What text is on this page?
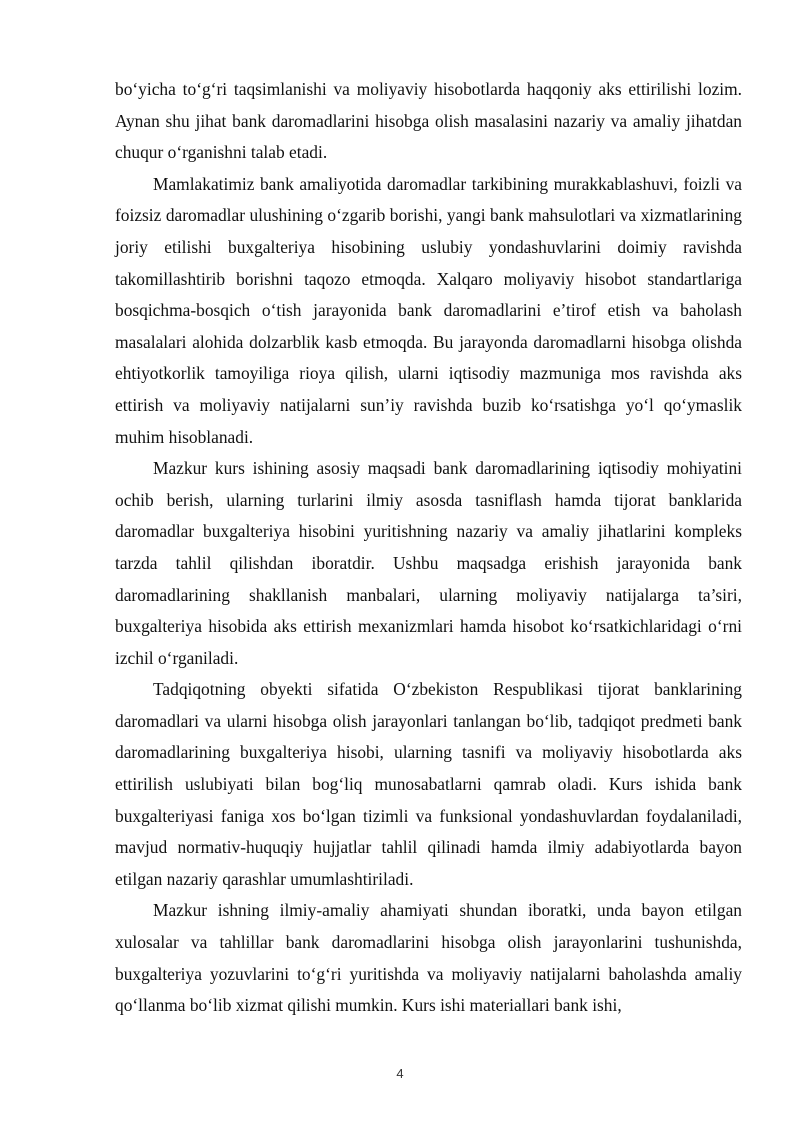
bo‘yicha to‘g‘ri taqsimlanishi va moliyaviy hisobotlarda haqqoniy aks ettirilishi lozim. Aynan shu jihat bank daromadlarini hisobga olish masalasini nazariy va amaliy jihatdan chuqur o‘rganishni talab etadi.

Mamlakatimiz bank amaliyotida daromadlar tarkibining murakkablashuvi, foizli va foizsiz daromadlar ulushining o‘zgarib borishi, yangi bank mahsulotlari va xizmatlarining joriy etilishi buxgalteriya hisobining uslubiy yondashuvlarini doimiy ravishda takomillashtirib borishni taqozo etmoqda. Xalqaro moliyaviy hisobot standartlariga bosqichma-bosqich o‘tish jarayonida bank daromadlarini e’tirof etish va baholash masalalari alohida dolzarblik kasb etmoqda. Bu jarayonda daromadlarni hisobga olishda ehtiyotkorlik tamoyiliga rioya qilish, ularni iqtisodiy mazmuniga mos ravishda aks ettirish va moliyaviy natijalarni sun’iy ravishda buzib ko‘rsatishga yo‘l qo‘ymaslik muhim hisoblanadi.

Mazkur kurs ishining asosiy maqsadi bank daromadlarining iqtisodiy mohiyatini ochib berish, ularning turlarini ilmiy asosda tasniflash hamda tijorat banklarida daromadlar buxgalteriya hisobini yuritishning nazariy va amaliy jihatlarini kompleks tarzda tahlil qilishdan iboratdir. Ushbu maqsadga erishish jarayonida bank daromadlarining shakllanish manbalari, ularning moliyaviy natijalarga ta’siri, buxgalteriya hisobida aks ettirish mexanizmlari hamda hisobot ko‘rsatkichlaridagi o‘rni izchil o‘rganiladi.

Tadqiqotning obyekti sifatida O‘zbekiston Respublikasi tijorat banklarining daromadlari va ularni hisobga olish jarayonlari tanlangan bo‘lib, tadqiqot predmeti bank daromadlarining buxgalteriya hisobi, ularning tasnifi va moliyaviy hisobotlarda aks ettirilish uslubiyati bilan bog‘liq munosabatlarni qamrab oladi. Kurs ishida bank buxgalteriyasi faniga xos bo‘lgan tizimli va funksional yondashuvlardan foydalaniladi, mavjud normativ-huquqiy hujjatlar tahlil qilinadi hamda ilmiy adabiyotlarda bayon etilgan nazariy qarashlar umumlashtiriladi.

Mazkur ishning ilmiy-amaliy ahamiyati shundan iboratki, unda bayon etilgan xulosalar va tahlillar bank daromadlarini hisobga olish jarayonlarini tushunishda, buxgalteriya yozuvlarini to‘g‘ri yuritishda va moliyaviy natijalarni baholashda amaliy qo‘llanma bo‘lib xizmat qilishi mumkin. Kurs ishi materiallari bank ishi,

4
